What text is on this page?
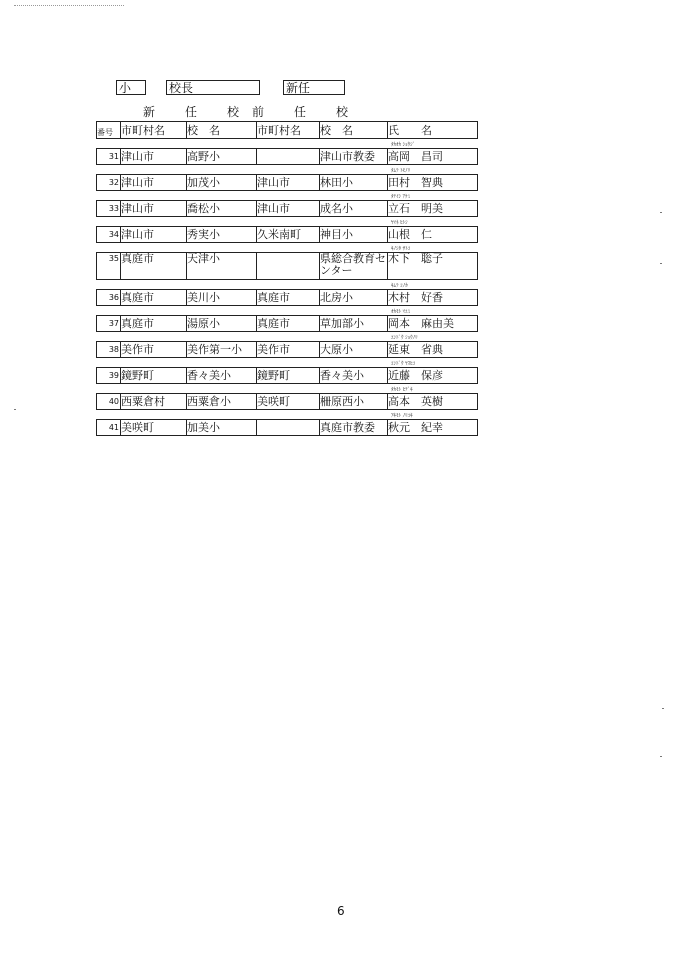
小	校長	新任
新　任　校 前　任　校
番号	市町村名	校　名	市町村名	校　名	氏　　名

ﾀｶｵｶ ｼｮｳｼﾞ					

31	津山市	高野小		津山市教委	高岡　昌司

ﾀﾑﾗ ﾄﾓﾉﾘ					

32	津山市	加茂小	津山市	林田小	田村　智典

ﾀﾃｲｼ ｱｹﾐ					

33	津山市	喬松小	津山市	成名小	立石　明美

ﾔﾏﾈ ﾋﾄｼ					

34	津山市	秀実小	久米南町	神目小	山根　仁

ｷﾉｼﾀ ｻﾄｺ					

35	真庭市	天津小		県総合教育センター	木下　聡子

ｷﾑﾗ ｺﾉｶ					

36	真庭市	美川小	真庭市	北房小	木村　好香

ｵｶﾓﾄ ﾏﾕﾐ					

37	真庭市	湯原小	真庭市	草加部小	岡本　麻由美

ｴﾝﾄﾞｳ ｼｮｳﾉﾘ					

38	美作市	美作第一小	美作市	大原小	延東　省典

ｺﾝﾄﾞｳ ﾔｽﾋｺ					

39	鏡野町	香々美小	鏡野町	香々美小	近藤　保彦

ﾀｶﾓﾄ ﾋﾃﾞｷ					

40	西粟倉村	西粟倉小	美咲町	柵原西小	高本　英樹

ｱｷﾓﾄ ﾉﾘﾕｷ					

41	美咲町	加美小		真庭市教委	秋元　紀幸
6
